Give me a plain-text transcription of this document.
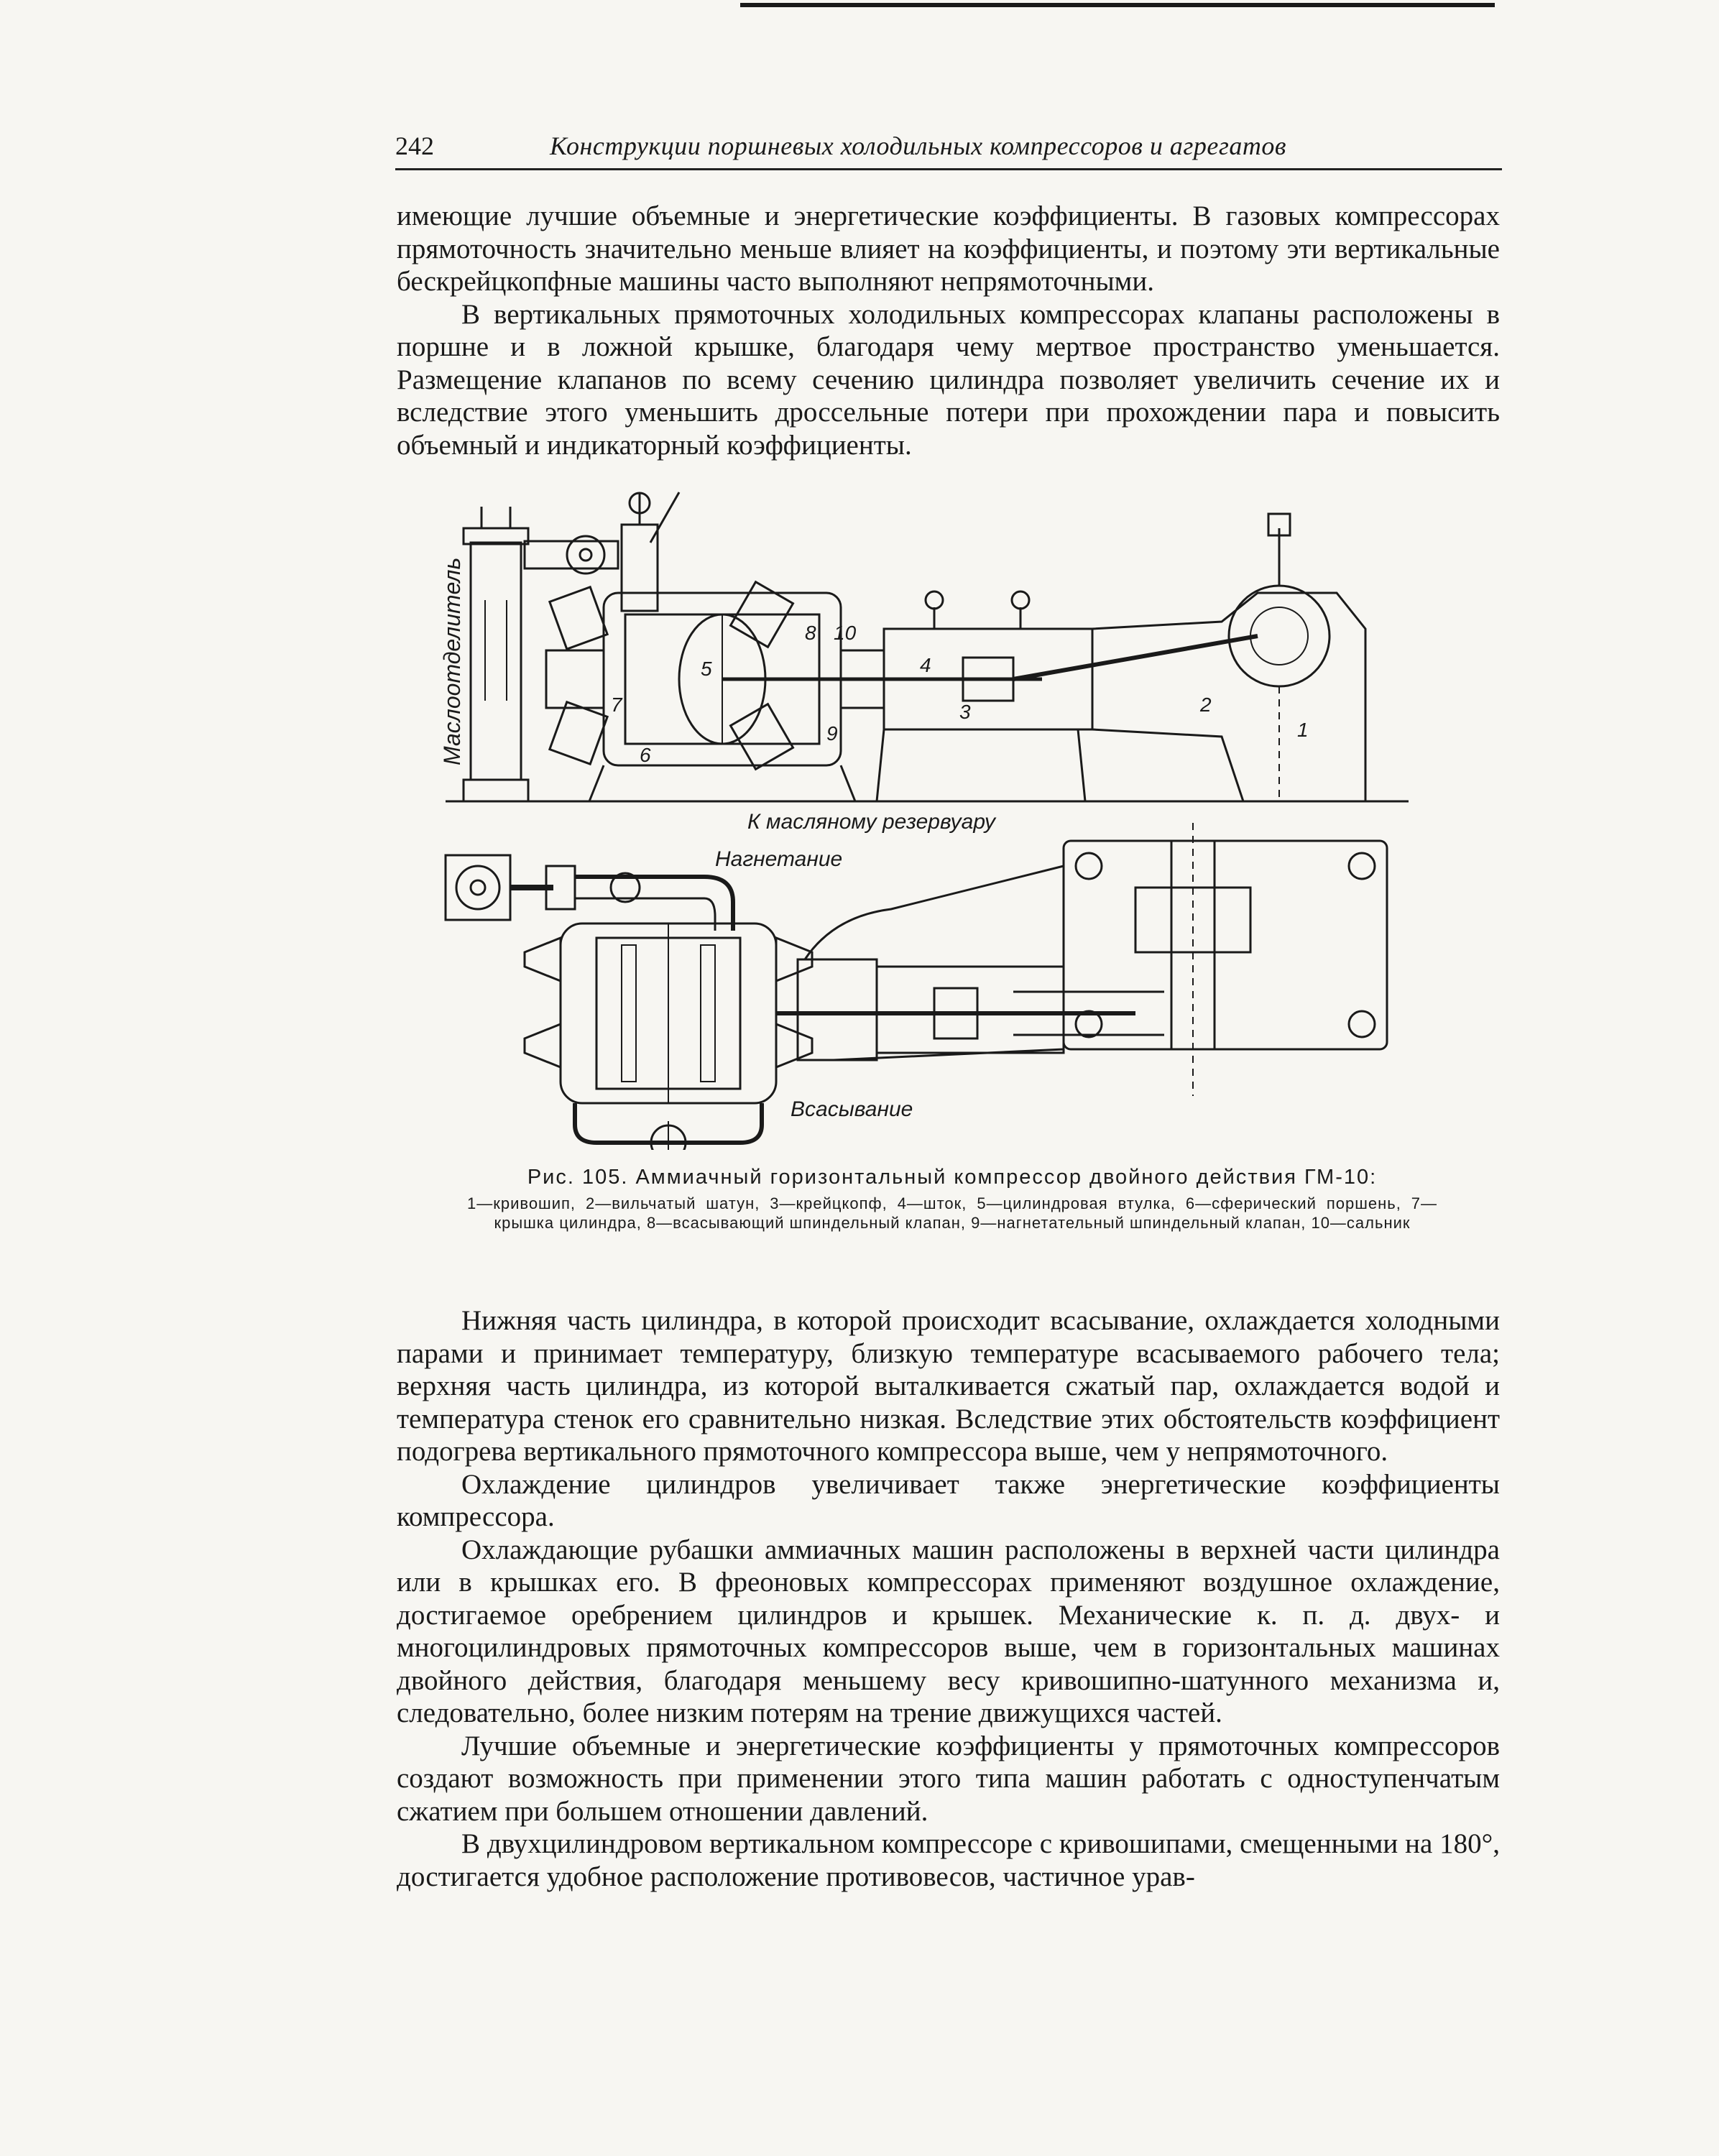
242	Конструкции поршневых холодильных компрессоров и агрегатов

имеющие лучшие объемные и энергетические коэффициенты. В газовых компрессорах прямоточность значительно меньше влияет на коэффициенты, и поэтому эти вертикальные бескрейцкопфные машины часто выполняют непрямоточными.

В вертикальных прямоточных холодильных компрессорах клапаны расположены в поршне и в ложной крышке, благодаря чему мертвое пространство уменьшается. Размещение клапанов по всему сечению цилиндра позволяет увеличить сечение их и вследствие этого уменьшить дроссельные потери при прохождении пара и повысить объемный и индикаторный коэффициенты.

Маслоотделитель
К масляному резервуару
Нагнетание
Всасывание
1
2
3
4
5
6
7
8
9
10
Рис. 105. Аммиачный горизонтальный компрессор двойного действия ГМ-10:
1—кривошип, 2—вильчатый шатун, 3—крейцкопф, 4—шток, 5—цилиндровая втулка, 6—сферический поршень, 7—крышка цилиндра, 8—всасывающий шпиндельный клапан, 9—нагнетательный шпиндельный клапан, 10—сальник

Нижняя часть цилиндра, в которой происходит всасывание, охлаждается холодными парами и принимает температуру, близкую температуре всасываемого рабочего тела; верхняя часть цилиндра, из которой выталкивается сжатый пар, охлаждается водой и температура стенок его сравнительно низкая. Вследствие этих обстоятельств коэффициент подогрева вертикального прямоточного компрессора выше, чем у непрямоточного.

Охлаждение цилиндров увеличивает также энергетические коэффициенты компрессора.

Охлаждающие рубашки аммиачных машин расположены в верхней части цилиндра или в крышках его. В фреоновых компрессорах применяют воздушное охлаждение, достигаемое оребрением цилиндров и крышек. Механические к. п. д. двух- и многоцилиндровых прямоточных компрессоров выше, чем в горизонтальных машинах двойного действия, благодаря меньшему весу кривошипно-шатунного механизма и, следовательно, более низким потерям на трение движущихся частей.

Лучшие объемные и энергетические коэффициенты у прямоточных компрессоров создают возможность при применении этого типа машин работать с одноступенчатым сжатием при большем отношении давлений.

В двухцилиндровом вертикальном компрессоре с кривошипами, смещенными на 180°, достигается удобное расположение противовесов, частичное урав-
